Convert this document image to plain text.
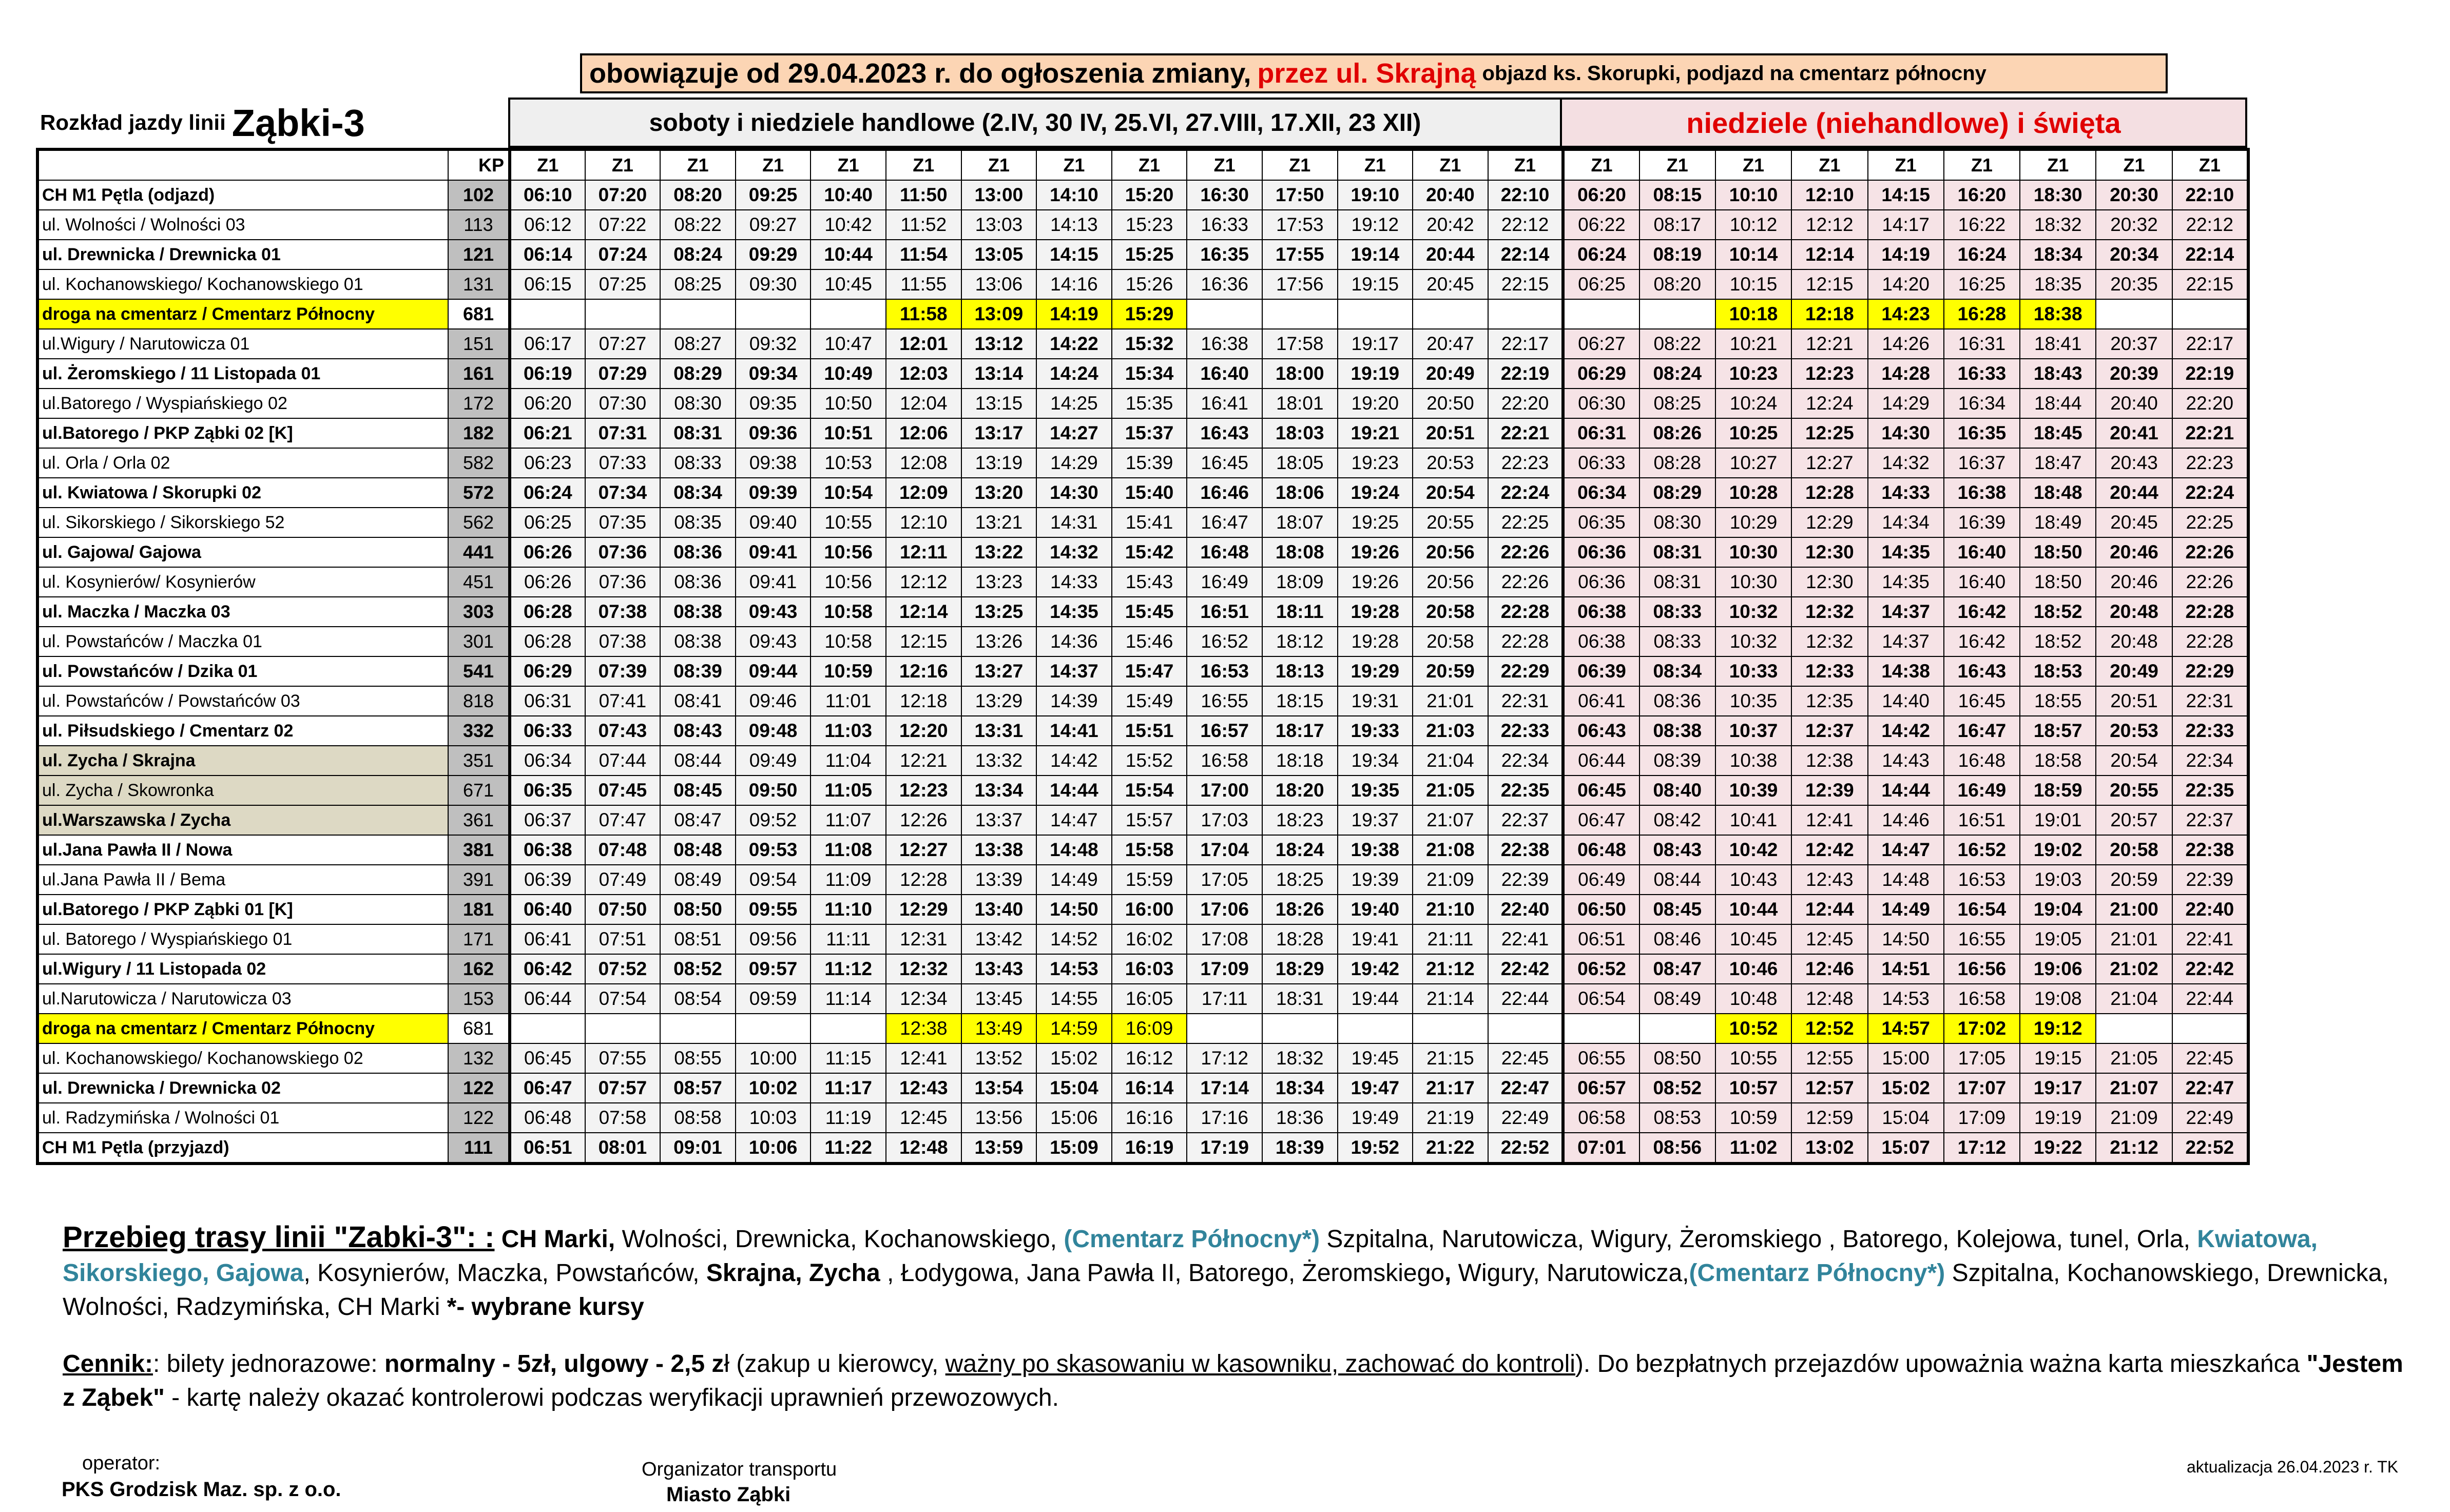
obowiązuje od 29.04.2023 r. do ogłoszenia zmiany, przez ul. Skrajną objazd ks. Skorupki, podjazd na cmentarz północny
Rozkład jazdy linii Ząbki-3	soboty i niedziele handlowe (2.IV, 30 IV, 25.VI, 27.VIII, 17.XII, 23 XII)	niedziele (niehandlowe) i święta
	KP	Z1	Z1	Z1	Z1	Z1	Z1	Z1	Z1	Z1	Z1	Z1	Z1	Z1	Z1	Z1	Z1	Z1	Z1	Z1	Z1	Z1	Z1	Z1
CH M1 Pętla (odjazd)	102	06:10	07:20	08:20	09:25	10:40	11:50	13:00	14:10	15:20	16:30	17:50	19:10	20:40	22:10	06:20	08:15	10:10	12:10	14:15	16:20	18:30	20:30	22:10
ul. Wolności / Wolności 03	113	06:12	07:22	08:22	09:27	10:42	11:52	13:03	14:13	15:23	16:33	17:53	19:12	20:42	22:12	06:22	08:17	10:12	12:12	14:17	16:22	18:32	20:32	22:12
ul. Drewnicka / Drewnicka 01	121	06:14	07:24	08:24	09:29	10:44	11:54	13:05	14:15	15:25	16:35	17:55	19:14	20:44	22:14	06:24	08:19	10:14	12:14	14:19	16:24	18:34	20:34	22:14
ul. Kochanowskiego/ Kochanowskiego 01	131	06:15	07:25	08:25	09:30	10:45	11:55	13:06	14:16	15:26	16:36	17:56	19:15	20:45	22:15	06:25	08:20	10:15	12:15	14:20	16:25	18:35	20:35	22:15
droga na cmentarz / Cmentarz Północny	681						11:58	13:09	14:19	15:29								10:18	12:18	14:23	16:28	18:38		
ul.Wigury / Narutowicza 01	151	06:17	07:27	08:27	09:32	10:47	12:01	13:12	14:22	15:32	16:38	17:58	19:17	20:47	22:17	06:27	08:22	10:21	12:21	14:26	16:31	18:41	20:37	22:17
ul. Żeromskiego / 11 Listopada 01	161	06:19	07:29	08:29	09:34	10:49	12:03	13:14	14:24	15:34	16:40	18:00	19:19	20:49	22:19	06:29	08:24	10:23	12:23	14:28	16:33	18:43	20:39	22:19
ul.Batorego / Wyspiańskiego 02	172	06:20	07:30	08:30	09:35	10:50	12:04	13:15	14:25	15:35	16:41	18:01	19:20	20:50	22:20	06:30	08:25	10:24	12:24	14:29	16:34	18:44	20:40	22:20
ul.Batorego / PKP Ząbki 02 [K]	182	06:21	07:31	08:31	09:36	10:51	12:06	13:17	14:27	15:37	16:43	18:03	19:21	20:51	22:21	06:31	08:26	10:25	12:25	14:30	16:35	18:45	20:41	22:21
ul. Orla / Orla 02	582	06:23	07:33	08:33	09:38	10:53	12:08	13:19	14:29	15:39	16:45	18:05	19:23	20:53	22:23	06:33	08:28	10:27	12:27	14:32	16:37	18:47	20:43	22:23
ul. Kwiatowa / Skorupki 02	572	06:24	07:34	08:34	09:39	10:54	12:09	13:20	14:30	15:40	16:46	18:06	19:24	20:54	22:24	06:34	08:29	10:28	12:28	14:33	16:38	18:48	20:44	22:24
ul. Sikorskiego / Sikorskiego 52	562	06:25	07:35	08:35	09:40	10:55	12:10	13:21	14:31	15:41	16:47	18:07	19:25	20:55	22:25	06:35	08:30	10:29	12:29	14:34	16:39	18:49	20:45	22:25
ul. Gajowa/ Gajowa	441	06:26	07:36	08:36	09:41	10:56	12:11	13:22	14:32	15:42	16:48	18:08	19:26	20:56	22:26	06:36	08:31	10:30	12:30	14:35	16:40	18:50	20:46	22:26
ul. Kosynierów/ Kosynierów	451	06:26	07:36	08:36	09:41	10:56	12:12	13:23	14:33	15:43	16:49	18:09	19:26	20:56	22:26	06:36	08:31	10:30	12:30	14:35	16:40	18:50	20:46	22:26
ul. Maczka / Maczka 03	303	06:28	07:38	08:38	09:43	10:58	12:14	13:25	14:35	15:45	16:51	18:11	19:28	20:58	22:28	06:38	08:33	10:32	12:32	14:37	16:42	18:52	20:48	22:28
ul. Powstańców / Maczka 01	301	06:28	07:38	08:38	09:43	10:58	12:15	13:26	14:36	15:46	16:52	18:12	19:28	20:58	22:28	06:38	08:33	10:32	12:32	14:37	16:42	18:52	20:48	22:28
ul. Powstańców / Dzika 01	541	06:29	07:39	08:39	09:44	10:59	12:16	13:27	14:37	15:47	16:53	18:13	19:29	20:59	22:29	06:39	08:34	10:33	12:33	14:38	16:43	18:53	20:49	22:29
ul. Powstańców / Powstańców 03	818	06:31	07:41	08:41	09:46	11:01	12:18	13:29	14:39	15:49	16:55	18:15	19:31	21:01	22:31	06:41	08:36	10:35	12:35	14:40	16:45	18:55	20:51	22:31
ul. Piłsudskiego / Cmentarz 02	332	06:33	07:43	08:43	09:48	11:03	12:20	13:31	14:41	15:51	16:57	18:17	19:33	21:03	22:33	06:43	08:38	10:37	12:37	14:42	16:47	18:57	20:53	22:33
ul. Zycha / Skrajna	351	06:34	07:44	08:44	09:49	11:04	12:21	13:32	14:42	15:52	16:58	18:18	19:34	21:04	22:34	06:44	08:39	10:38	12:38	14:43	16:48	18:58	20:54	22:34
ul. Zycha / Skowronka	671	06:35	07:45	08:45	09:50	11:05	12:23	13:34	14:44	15:54	17:00	18:20	19:35	21:05	22:35	06:45	08:40	10:39	12:39	14:44	16:49	18:59	20:55	22:35
ul.Warszawska / Zycha	361	06:37	07:47	08:47	09:52	11:07	12:26	13:37	14:47	15:57	17:03	18:23	19:37	21:07	22:37	06:47	08:42	10:41	12:41	14:46	16:51	19:01	20:57	22:37
ul.Jana Pawła II / Nowa	381	06:38	07:48	08:48	09:53	11:08	12:27	13:38	14:48	15:58	17:04	18:24	19:38	21:08	22:38	06:48	08:43	10:42	12:42	14:47	16:52	19:02	20:58	22:38
ul.Jana Pawła II / Bema	391	06:39	07:49	08:49	09:54	11:09	12:28	13:39	14:49	15:59	17:05	18:25	19:39	21:09	22:39	06:49	08:44	10:43	12:43	14:48	16:53	19:03	20:59	22:39
ul.Batorego / PKP Ząbki 01 [K]	181	06:40	07:50	08:50	09:55	11:10	12:29	13:40	14:50	16:00	17:06	18:26	19:40	21:10	22:40	06:50	08:45	10:44	12:44	14:49	16:54	19:04	21:00	22:40
ul. Batorego / Wyspiańskiego 01	171	06:41	07:51	08:51	09:56	11:11	12:31	13:42	14:52	16:02	17:08	18:28	19:41	21:11	22:41	06:51	08:46	10:45	12:45	14:50	16:55	19:05	21:01	22:41
ul.Wigury / 11 Listopada 02	162	06:42	07:52	08:52	09:57	11:12	12:32	13:43	14:53	16:03	17:09	18:29	19:42	21:12	22:42	06:52	08:47	10:46	12:46	14:51	16:56	19:06	21:02	22:42
ul.Narutowicza / Narutowicza 03	153	06:44	07:54	08:54	09:59	11:14	12:34	13:45	14:55	16:05	17:11	18:31	19:44	21:14	22:44	06:54	08:49	10:48	12:48	14:53	16:58	19:08	21:04	22:44
droga na cmentarz / Cmentarz Północny	681						12:38	13:49	14:59	16:09								10:52	12:52	14:57	17:02	19:12		
ul. Kochanowskiego/ Kochanowskiego 02	132	06:45	07:55	08:55	10:00	11:15	12:41	13:52	15:02	16:12	17:12	18:32	19:45	21:15	22:45	06:55	08:50	10:55	12:55	15:00	17:05	19:15	21:05	22:45
ul. Drewnicka / Drewnicka 02	122	06:47	07:57	08:57	10:02	11:17	12:43	13:54	15:04	16:14	17:14	18:34	19:47	21:17	22:47	06:57	08:52	10:57	12:57	15:02	17:07	19:17	21:07	22:47
ul. Radzymińska / Wolności 01	122	06:48	07:58	08:58	10:03	11:19	12:45	13:56	15:06	16:16	17:16	18:36	19:49	21:19	22:49	06:58	08:53	10:59	12:59	15:04	17:09	19:19	21:09	22:49
CH M1 Pętla (przyjazd)	111	06:51	08:01	09:01	10:06	11:22	12:48	13:59	15:09	16:19	17:19	18:39	19:52	21:22	22:52	07:01	08:56	11:02	13:02	15:07	17:12	19:22	21:12	22:52
Przebieg trasy linii "Zabki-3": : CH Marki, Wolności, Drewnicka, Kochanowskiego, (Cmentarz Północny*) Szpitalna, Narutowicza, Wigury, Żeromskiego , Batorego, Kolejowa, tunel, Orla, Kwiatowa, Sikorskiego, Gajowa, Kosynierów, Maczka, Powstańców, Skrajna, Zycha , Łodygowa, Jana Pawła II, Batorego, Żeromskiego, Wigury, Narutowicza,(Cmentarz Północny*) Szpitalna, Kochanowskiego, Drewnicka, Wolności, Radzymińska, CH Marki *- wybrane kursy
Cennik:: bilety jednorazowe: normalny - 5zł, ulgowy - 2,5 zł (zakup u kierowcy, ważny po skasowaniu w kasowniku, zachować do kontroli). Do bezpłatnych przejazdów upoważnia ważna karta mieszkańca "Jestem z Ząbek" - kartę należy okazać kontrolerowi podczas weryfikacji uprawnień przewozowych.
operator:
PKS Grodzisk Maz. sp. z o.o.
Organizator transportu
Miasto Ząbki
aktualizacja 26.04.2023 r. TK
